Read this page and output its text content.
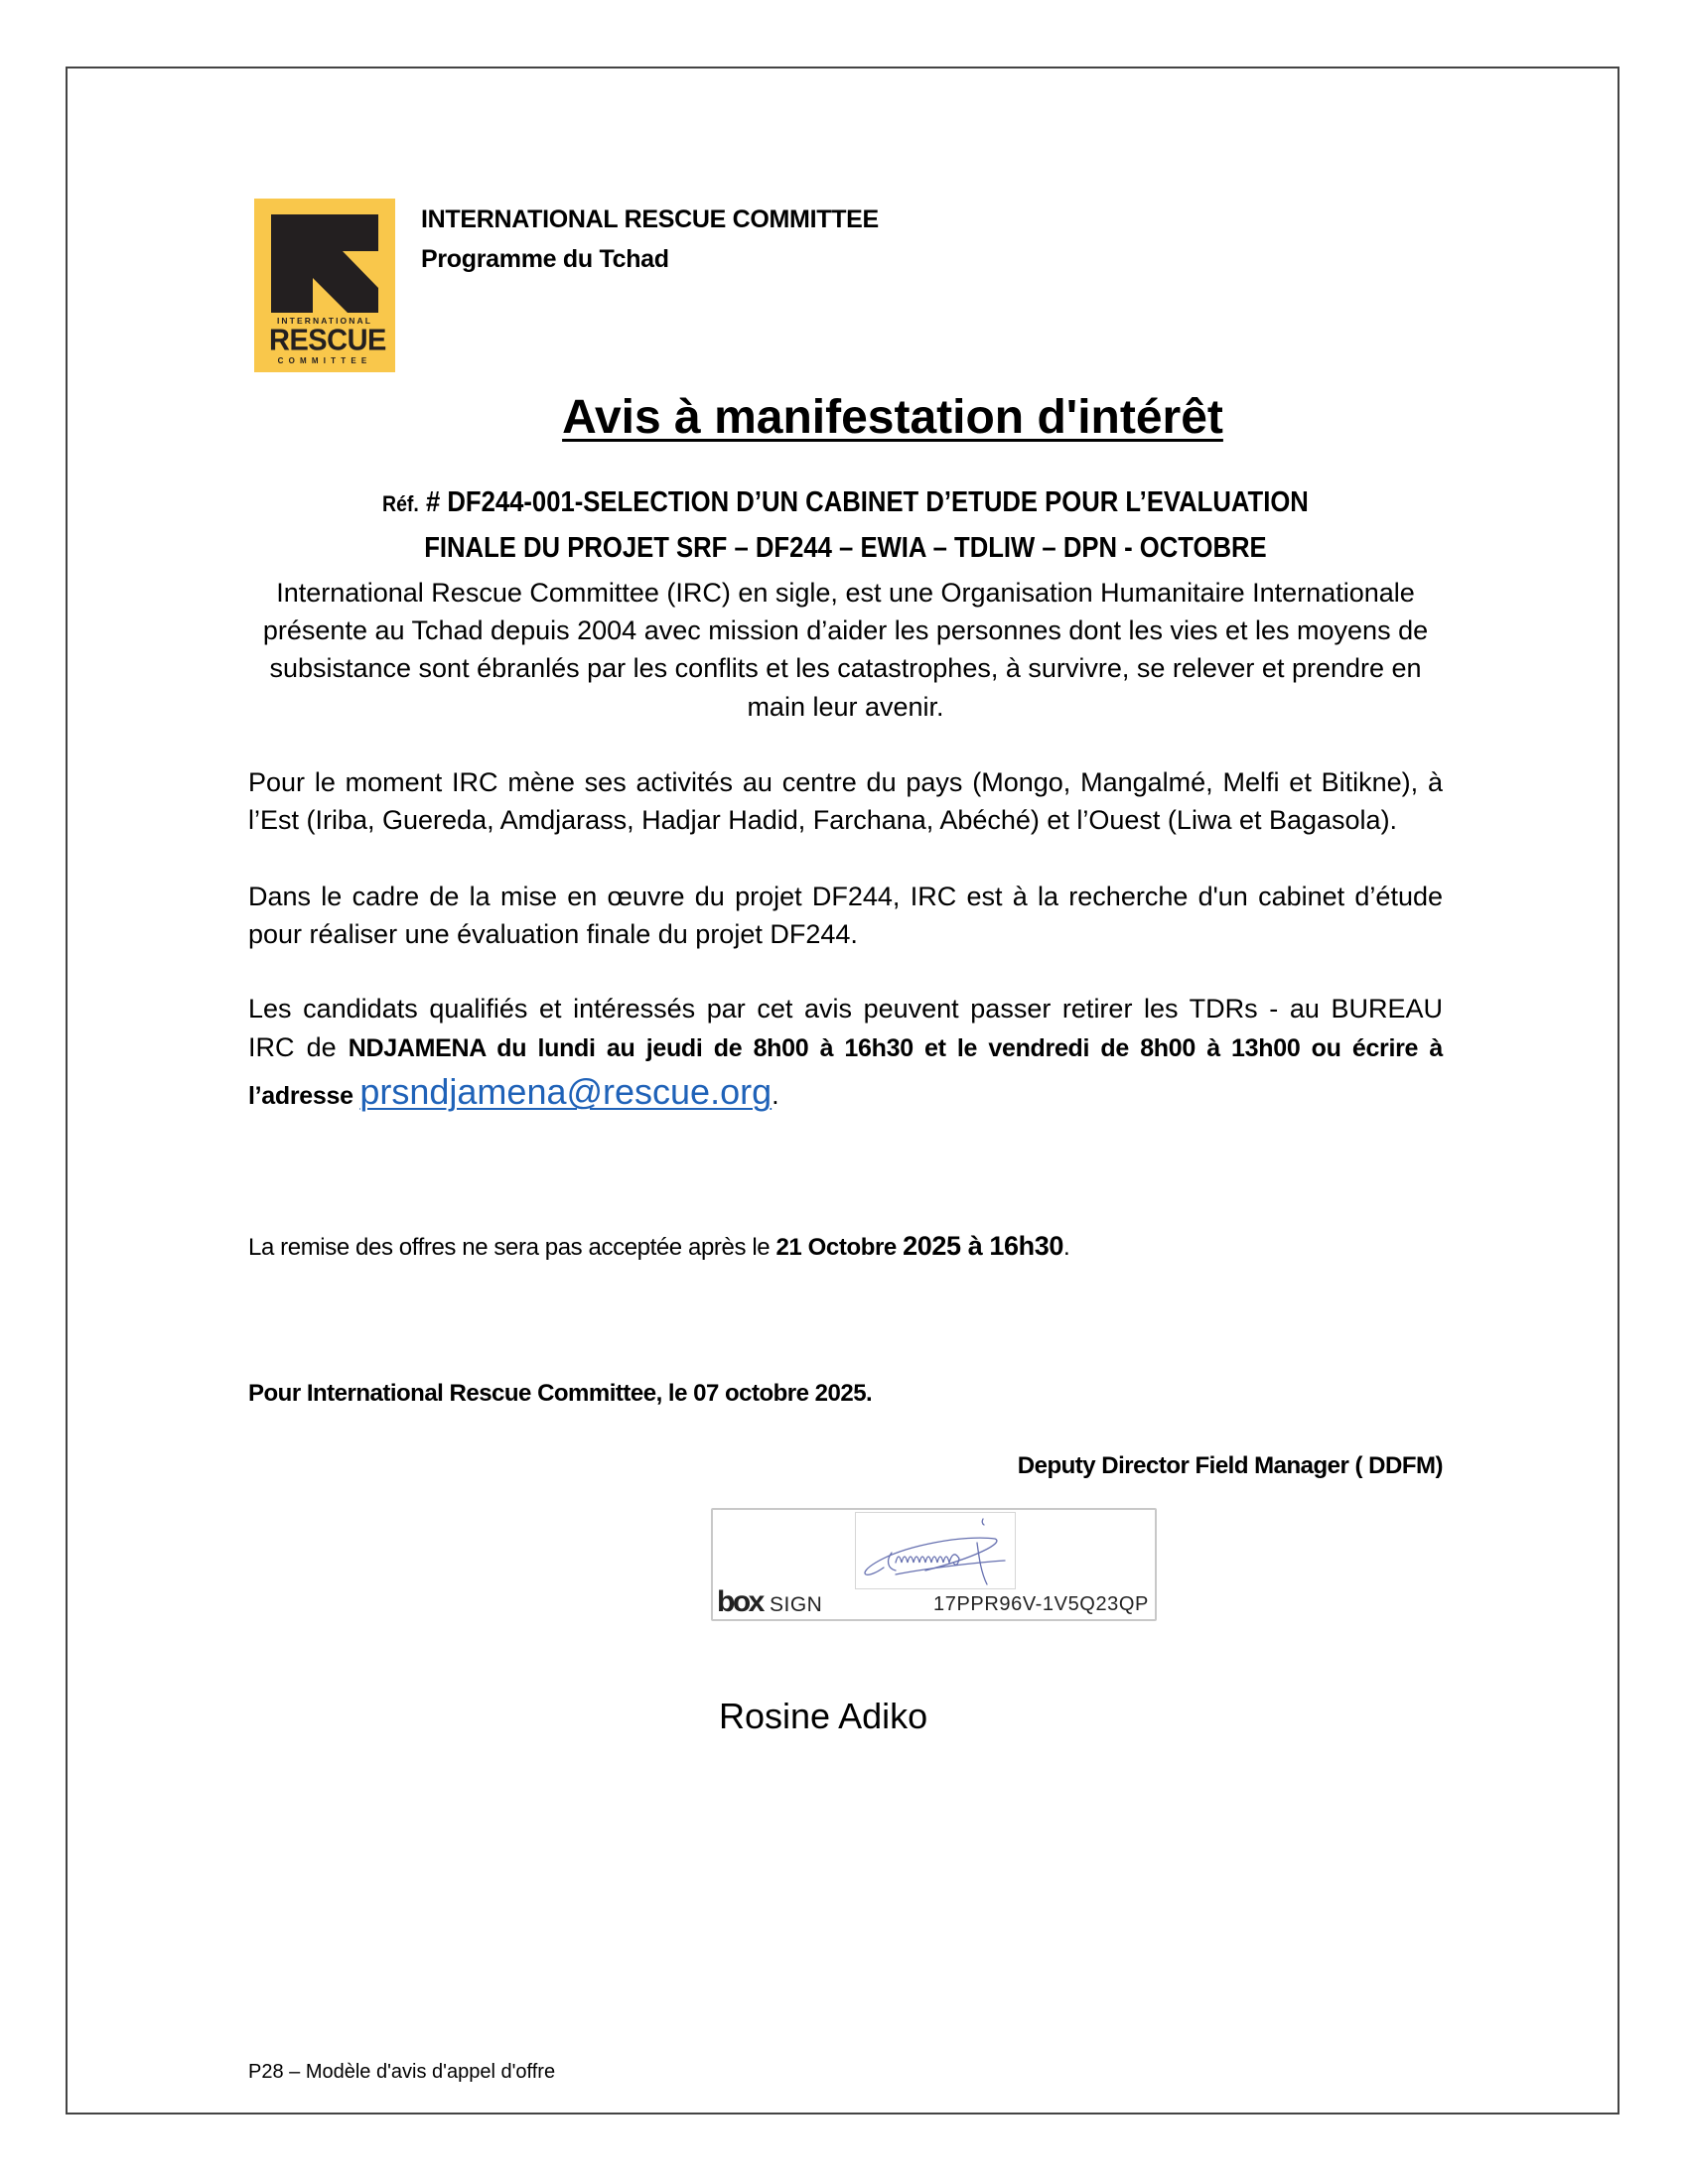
INTERNATIONAL
RESCUE
COMMITTEE
INTERNATIONAL RESCUE COMMITTEE
Programme du Tchad
Avis à manifestation d'intérêt
Réf. # DF244-001-SELECTION D’UN CABINET D’ETUDE POUR L’EVALUATION
FINALE DU PROJET SRF – DF244 – EWIA – TDLIW – DPN - OCTOBRE
International Rescue Committee (IRC) en sigle, est une Organisation Humanitaire Internationale
présente au Tchad depuis 2004 avec mission d’aider les personnes dont les vies et les moyens de
subsistance sont ébranlés par les conflits et les catastrophes, à survivre, se relever et prendre en
main leur avenir.
Pour le moment IRC mène ses activités au centre du pays (Mongo, Mangalmé, Melfi et Bitikne), à
l’Est (Iriba, Guereda, Amdjarass, Hadjar Hadid, Farchana, Abéché) et l’Ouest (Liwa et Bagasola).
Dans le cadre de la mise en œuvre du projet DF244, IRC est à la recherche d'un cabinet d’étude
pour réaliser une évaluation finale du projet DF244.
Les candidats qualifiés et intéressés par cet avis peuvent passer retirer les TDRs - au BUREAU
IRC de NDJAMENA du lundi au jeudi de 8h00 à 16h30 et le vendredi de 8h00 à 13h00 ou écrire à
l’adresse prsndjamena@rescue.org.
La remise des offres ne sera pas acceptée après le 21 Octobre 2025 à 16h30.
Pour International Rescue Committee, le 07 octobre 2025.
Deputy Director Field Manager ( DDFM)
box SIGN	17PPR96V-1V5Q23QP
Rosine Adiko
P28 – Modèle d'avis d'appel d'offre
